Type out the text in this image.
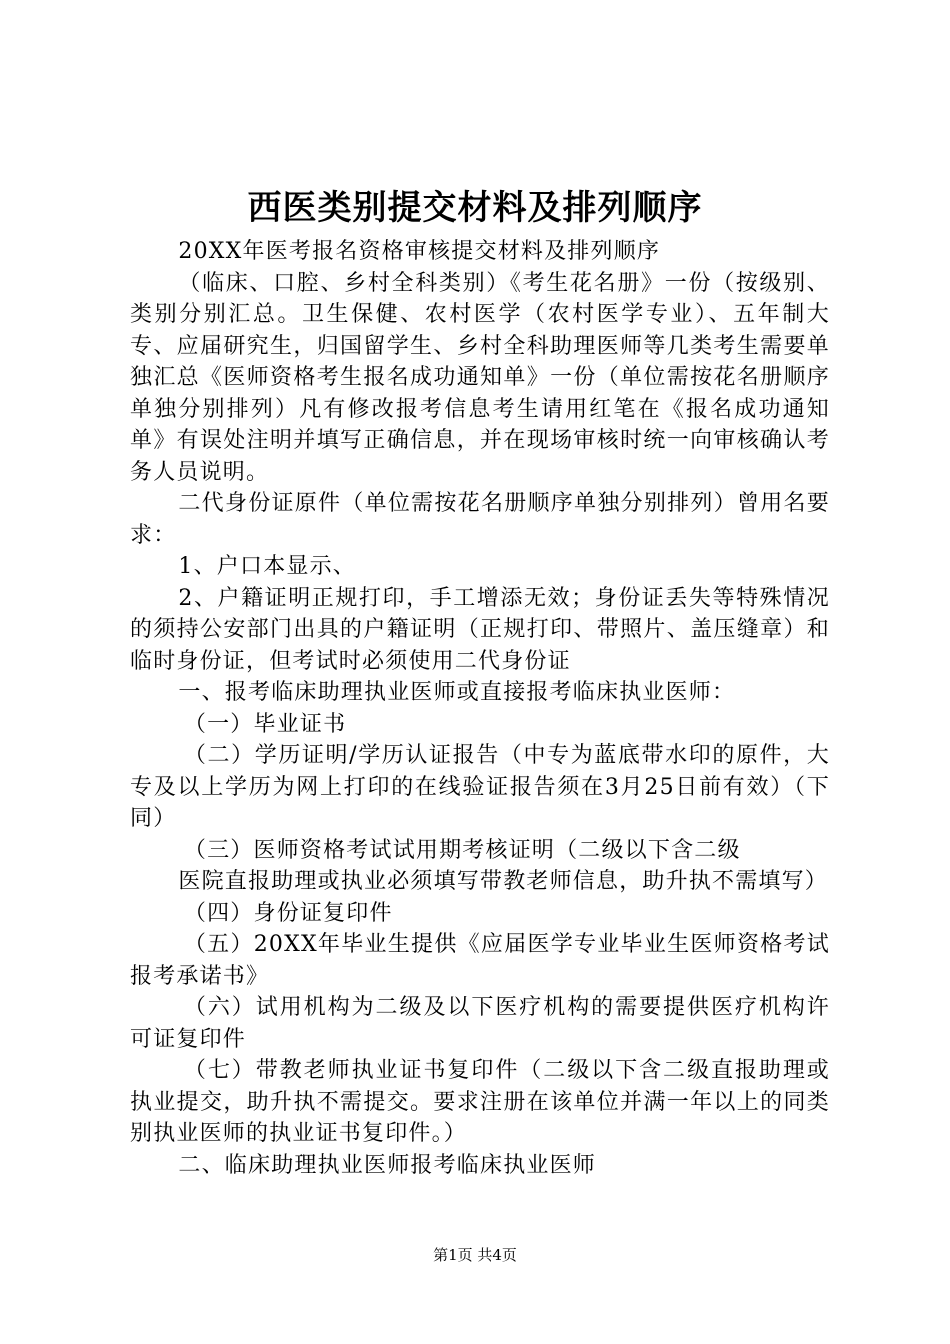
西医类别提交材料及排列顺序

20XX年医考报名资格审核提交材料及排列顺序

（临床、口腔、乡村全科类别）《考生花名册》一份（按级别、类别分别汇总。卫生保健、农村医学（农村医学专业）、五年制大专、应届研究生，归国留学生、乡村全科助理医师等几类考生需要单独汇总《医师资格考生报名成功通知单》一份（单位需按花名册顺序单独分别排列）凡有修改报考信息考生请用红笔在《报名成功通知单》有误处注明并填写正确信息，并在现场审核时统一向审核确认考务人员说明。

二代身份证原件（单位需按花名册顺序单独分别排列）曾用名要求：

1、户口本显示、

2、户籍证明正规打印，手工增添无效；身份证丢失等特殊情况的须持公安部门出具的户籍证明（正规打印、带照片、盖压缝章）和临时身份证，但考试时必须使用二代身份证

一、报考临床助理执业医师或直接报考临床执业医师：

（一）毕业证书

（二）学历证明/学历认证报告（中专为蓝底带水印的原件，大专及以上学历为网上打印的在线验证报告须在3月25日前有效）（下同）

（三）医师资格考试试用期考核证明（二级以下含二级

医院直报助理或执业必须填写带教老师信息，助升执不需填写）

（四）身份证复印件

（五）20XX年毕业生提供《应届医学专业毕业生医师资格考试报考承诺书》

（六）试用机构为二级及以下医疗机构的需要提供医疗机构许可证复印件

（七）带教老师执业证书复印件（二级以下含二级直报助理或执业提交，助升执不需提交。要求注册在该单位并满一年以上的同类别执业医师的执业证书复印件。）

二、临床助理执业医师报考临床执业医师

第1页 共4页
